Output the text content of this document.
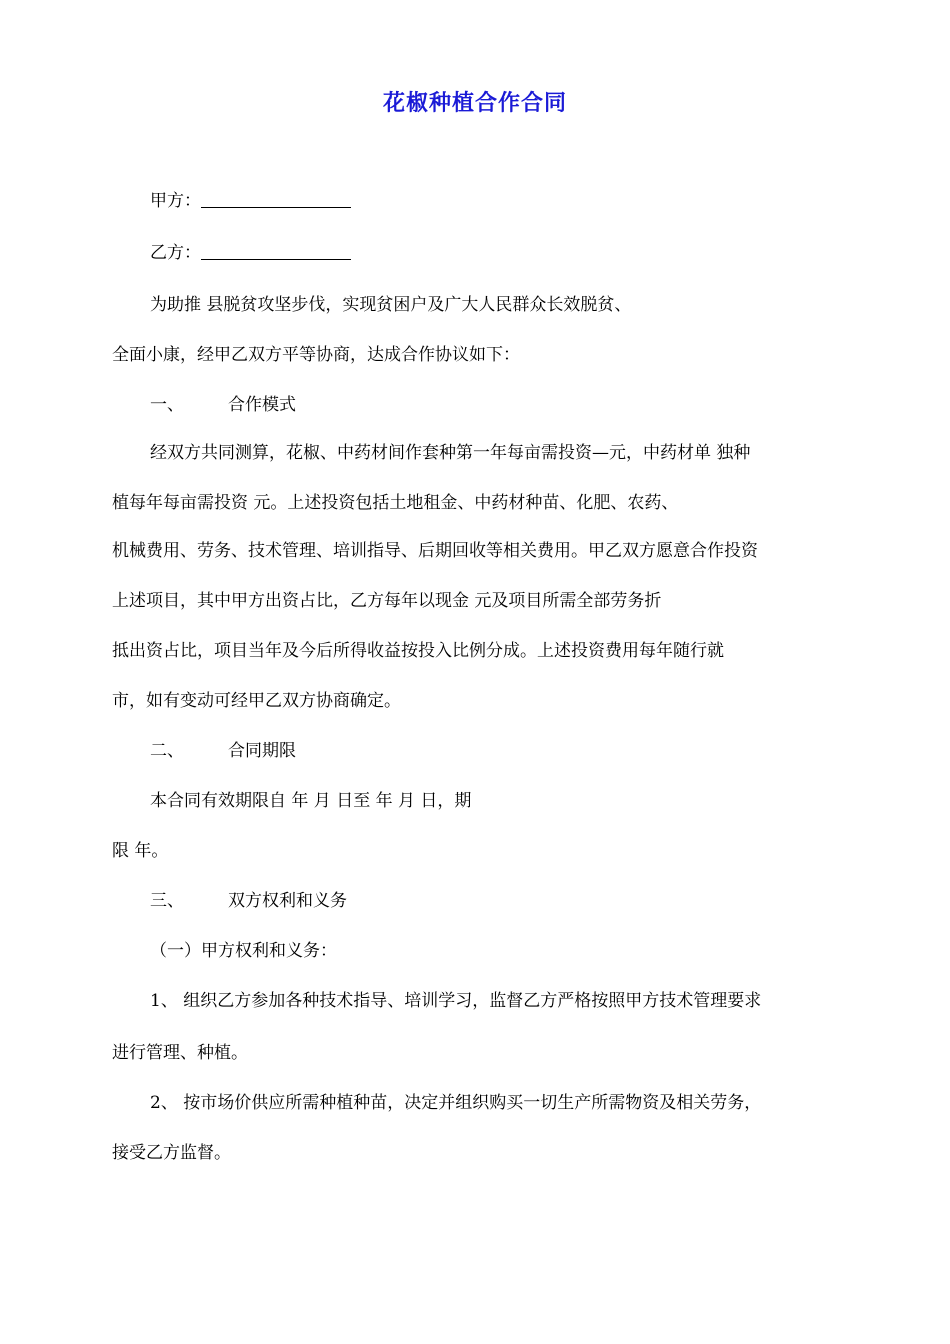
花椒种植合作合同
甲方：
乙方：
为助推 县脱贫攻坚步伐，实现贫困户及广大人民群众长效脱贫、
全面小康，经甲乙双方平等协商，达成合作协议如下：
一、	合作模式
经双方共同测算，花椒、中药材间作套种第一年每亩需投资—元，中药材单 独种
植每年每亩需投资 元。上述投资包括土地租金、中药材种苗、化肥、农药、
机械费用、劳务、技术管理、培训指导、后期回收等相关费用。甲乙双方愿意合作投资
上述项目，其中甲方出资占比，乙方每年以现金 元及项目所需全部劳务折
抵出资占比，项目当年及今后所得收益按投入比例分成。上述投资费用每年随行就
市，如有变动可经甲乙双方协商确定。
二、	合同期限
本合同有效期限自 年 月 日至 年 月 日，期
限 年。
三、	双方权利和义务
（一）甲方权利和义务：
1、 组织乙方参加各种技术指导、培训学习，监督乙方严格按照甲方技术管理要求
进行管理、种植。
2、 按市场价供应所需种植种苗，决定并组织购买一切生产所需物资及相关劳务，
接受乙方监督。
